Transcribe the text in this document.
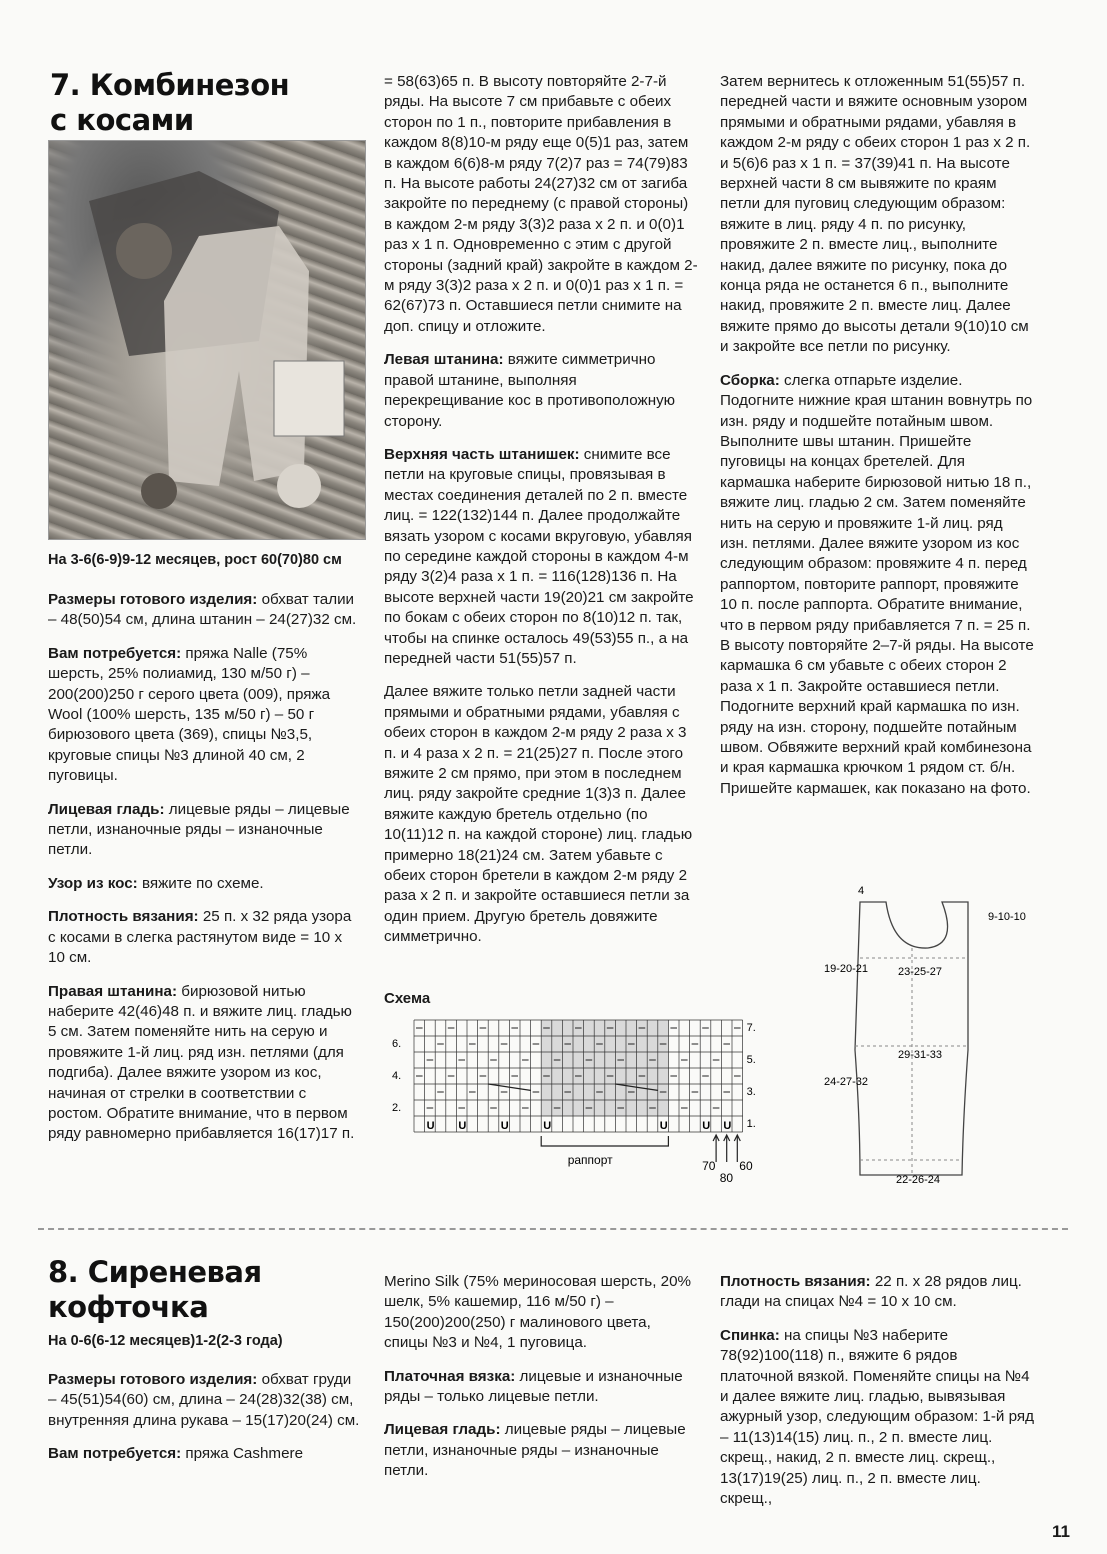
7. Комбинезон
с косами
На 3-6(6-9)9-12 месяцев, рост 60(70)80 см

Размеры готового изделия: обхват талии – 48(50)54 см, длина штанин – 24(27)32 см.

Вам потребуется: пряжа Nalle (75% шерсть, 25% полиамид, 130 м/50 г) – 200(200)250 г серого цвета (009), пряжа Wool (100% шерсть, 135 м/50 г) – 50 г бирюзового цвета (369), спицы №3,5, круговые спицы №3 длиной 40 см, 2 пуговицы.

Лицевая гладь: лицевые ряды – лицевые петли, изнаночные ряды – изнаночные петли.

Узор из кос: вяжите по схеме.

Плотность вязания: 25 п. х 32 ряда узора с косами в слегка растянутом виде = 10 х 10 см.

Правая штанина: бирюзовой нитью наберите 42(46)48 п. и вяжите лиц. гладью 5 см. Затем поменяйте нить на серую и провяжите 1-й лиц. ряд изн. петлями (для подгиба). Далее вяжите узором из кос, начиная от стрелки в соответствии с ростом. Обратите внимание, что в первом ряду равномерно прибавляется 16(17)17 п.

= 58(63)65 п. В высоту повторяйте 2-7-й ряды. На высоте 7 см прибавьте с обеих сторон по 1 п., повторите прибавления в каждом 8(8)10-м ряду еще 0(5)1 раз, затем в каждом 6(6)8-м ряду 7(2)7 раз = 74(79)83 п. На высоте работы 24(27)32 см от загиба закройте по переднему (с правой стороны) в каждом 2-м ряду 3(3)2 раза х 2 п. и 0(0)1 раз х 1 п. Одновременно с этим с другой стороны (задний край) закройте в каждом 2-м ряду 3(3)2 раза х 2 п. и 0(0)1 раз х 1 п. = 62(67)73 п. Оставшиеся петли снимите на доп. спицу и отложите.

Левая штанина: вяжите симметрично правой штанине, выполняя перекрещивание кос в противоположную сторону.

Верхняя часть штанишек: снимите все петли на круговые спицы, провязывая в местах соединения деталей по 2 п. вместе лиц. = 122(132)144 п. Далее продолжайте вязать узором с косами вкруговую, убавляя по середине каждой стороны в каждом 4-м ряду 3(2)4 раза х 1 п. = 116(128)136 п. На высоте верхней части 19(20)21 см закройте по бокам с обеих сторон по 8(10)12 п. так, чтобы на спинке осталось 49(53)55 п., а на передней части 51(55)57 п.

Далее вяжите только петли задней части прямыми и обратными рядами, убавляя с обеих сторон в каждом 2-м ряду 2 раза х 3 п. и 4 раза х 2 п. = 21(25)27 п. После этого вяжите 2 см прямо, при этом в последнем лиц. ряду закройте средние 1(3)3 п. Далее вяжите каждую бретель отдельно (по 10(11)12 п. на каждой стороне) лиц. гладью примерно 18(21)24 см. Затем убавьте с обеих сторон бретели в каждом 2-м ряду 2 раза х 2 п. и закройте оставшиеся петли за один прием. Другую бретель довяжите симметрично.

Затем вернитесь к отложенным 51(55)57 п. передней части и вяжите основным узором прямыми и обратными рядами, убавляя в каждом 2-м ряду с обеих сторон 1 раз х 2 п. и 5(6)6 раз х 1 п. = 37(39)41 п. На высоте верхней части 8 см вывяжите по краям петли для пуговиц следующим образом: вяжите в лиц. ряду 4 п. по рисунку, провяжите 2 п. вместе лиц., выполните накид, далее вяжите по рисунку, пока до конца ряда не останется 6 п., выполните накид, провяжите 2 п. вместе лиц. Далее вяжите прямо до высоты детали 9(10)10 см и закройте все петли по рисунку.

Сборка: слегка отпарьте изделие. Подогните нижние края штанин вовнутрь по изн. ряду и подшейте потайным швом. Выполните швы штанин. Пришейте пуговицы на концах бретелей. Для кармашка наберите бирюзовой нитью 18 п., вяжите лиц. гладью 2 см. Затем поменяйте нить на серую и провяжите 1-й лиц. ряд изн. петлями. Далее вяжите узором из кос следующим образом: провяжите 4 п. перед раппортом, повторите раппорт, провяжите 10 п. после раппорта. Обратите внимание, что в первом ряду прибавляется 7 п. = 25 п. В высоту повторяйте 2–7-й ряды. На высоте кармашка 6 см убавьте с обеих сторон 2 раза х 1 п. Закройте оставшиеся петли. Подогните верхний край кармашка по изн. ряду на изн. сторону, подшейте потайным швом. Обвяжите верхний край комбинезона и края кармашка крючком 1 рядом ст. б/н. Пришейте кармашек, как показано на фото.

Схема
U U	U	U	U	U U
6.
4.
2.
7.
5.
3.
1.
раппорт	70
80
60
4
9-10-10
19-20-21	23-25-27
29-31-33
24-27-32
22-26-24
8. Сиреневая
кофточка
На 0-6(6-12 месяцев)1-2(2-3 года)

Размеры готового изделия: обхват груди – 45(51)54(60) см, длина – 24(28)32(38) см, внутренняя длина рукава – 15(17)20(24) см.

Вам потребуется: пряжа Cashmere

Merino Silk (75% мериносовая шерсть, 20% шелк, 5% кашемир, 116 м/50 г) – 150(200)200(250) г малинового цвета, спицы №3 и №4, 1 пуговица.

Платочная вязка: лицевые и изнаночные ряды – только лицевые петли.

Лицевая гладь: лицевые ряды – лицевые петли, изнаночные ряды – изнаночные петли.

Плотность вязания: 22 п. х 28 рядов лиц. глади на спицах №4 = 10 х 10 см.

Спинка: на спицы №3 наберите 78(92)100(118) п., вяжите 6 рядов платочной вязкой. Поменяйте спицы на №4 и далее вяжите лиц. гладью, вывязывая ажурный узор, следующим образом: 1-й ряд – 11(13)14(15) лиц. п., 2 п. вместе лиц. скрещ., накид, 2 п. вместе лиц. скрещ., 13(17)19(25) лиц. п., 2 п. вместе лиц. скрещ.,

11
